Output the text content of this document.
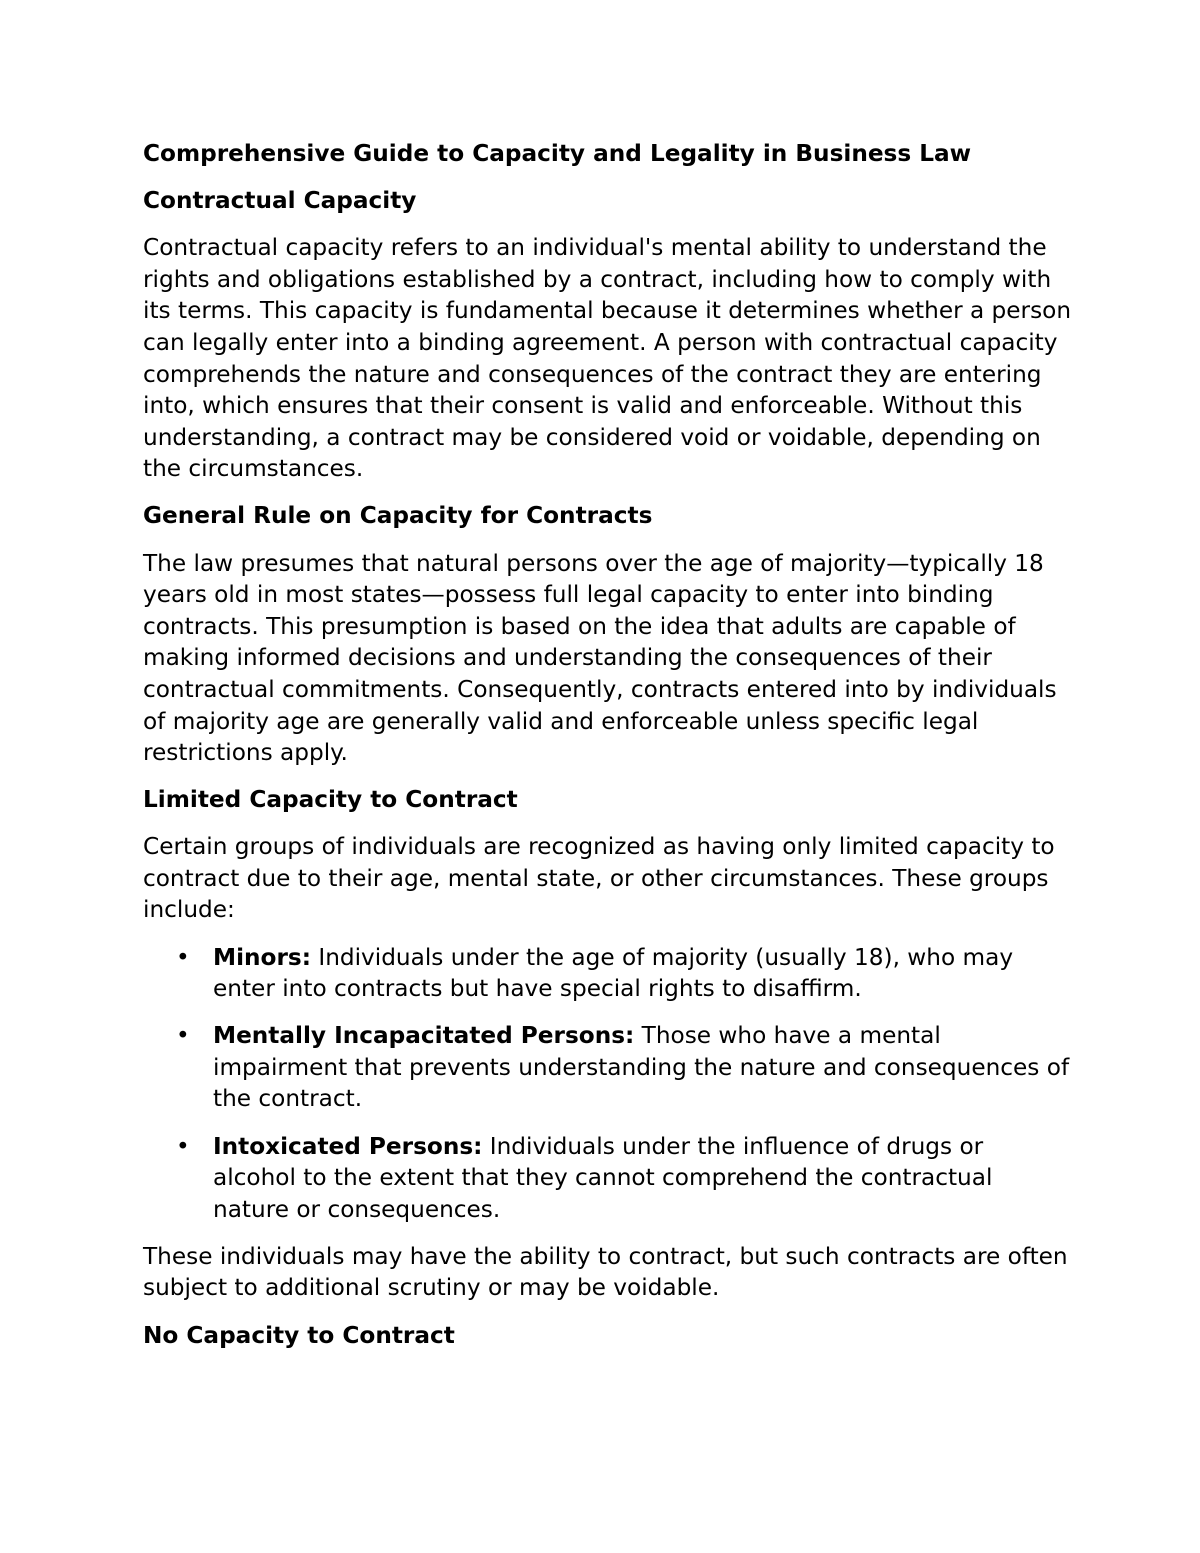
Comprehensive Guide to Capacity and Legality in Business Law

Contractual Capacity

Contractual capacity refers to an individual's mental ability to understand the rights and obligations established by a contract, including how to comply with its terms. This capacity is fundamental because it determines whether a person can legally enter into a binding agreement. A person with contractual capacity comprehends the nature and consequences of the contract they are entering into, which ensures that their consent is valid and enforceable. Without this understanding, a contract may be considered void or voidable, depending on the circumstances.

General Rule on Capacity for Contracts

The law presumes that natural persons over the age of majority—typically 18 years old in most states—possess full legal capacity to enter into binding contracts. This presumption is based on the idea that adults are capable of making informed decisions and understanding the consequences of their contractual commitments. Consequently, contracts entered into by individuals of majority age are generally valid and enforceable unless specific legal restrictions apply.

Limited Capacity to Contract

Certain groups of individuals are recognized as having only limited capacity to contract due to their age, mental state, or other circumstances. These groups include:

• Minors: Individuals under the age of majority (usually 18), who may enter into contracts but have special rights to disaffirm.
• Mentally Incapacitated Persons: Those who have a mental impairment that prevents understanding the nature and consequences of the contract.
• Intoxicated Persons: Individuals under the influence of drugs or alcohol to the extent that they cannot comprehend the contractual nature or consequences.

These individuals may have the ability to contract, but such contracts are often subject to additional scrutiny or may be voidable.

No Capacity to Contract
